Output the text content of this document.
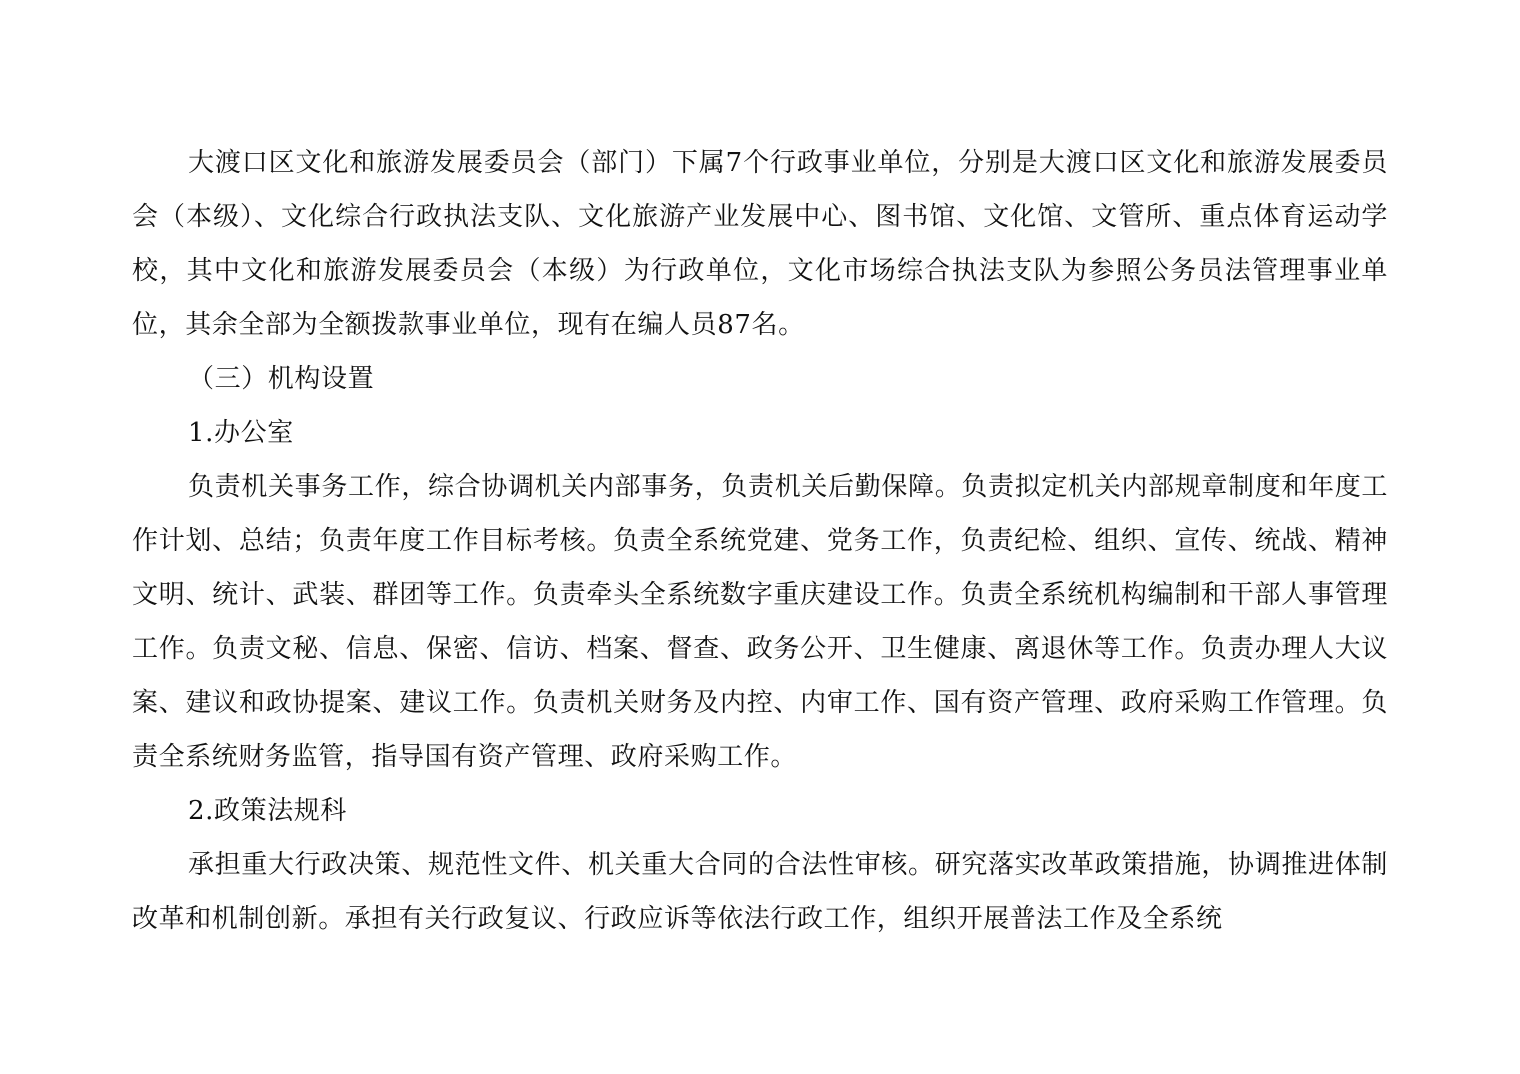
大渡口区文化和旅游发展委员会（部门）下属7个行政事业单位，分别是大渡口区文化和旅游发展委员会（本级）、文化综合行政执法支队、文化旅游产业发展中心、图书馆、文化馆、文管所、重点体育运动学校，其中文化和旅游发展委员会（本级）为行政单位，文化市场综合执法支队为参照公务员法管理事业单位，其余全部为全额拨款事业单位，现有在编人员87名。

（三）机构设置

1.办公室

负责机关事务工作，综合协调机关内部事务，负责机关后勤保障。负责拟定机关内部规章制度和年度工作计划、总结；负责年度工作目标考核。负责全系统党建、党务工作，负责纪检、组织、宣传、统战、精神文明、统计、武装、群团等工作。负责牵头全系统数字重庆建设工作。负责全系统机构编制和干部人事管理工作。负责文秘、信息、保密、信访、档案、督查、政务公开、卫生健康、离退休等工作。负责办理人大议案、建议和政协提案、建议工作。负责机关财务及内控、内审工作、国有资产管理、政府采购工作管理。负责全系统财务监管，指导国有资产管理、政府采购工作。

2.政策法规科

承担重大行政决策、规范性文件、机关重大合同的合法性审核。研究落实改革政策措施，协调推进体制改革和机制创新。承担有关行政复议、行政应诉等依法行政工作，组织开展普法工作及全系统
